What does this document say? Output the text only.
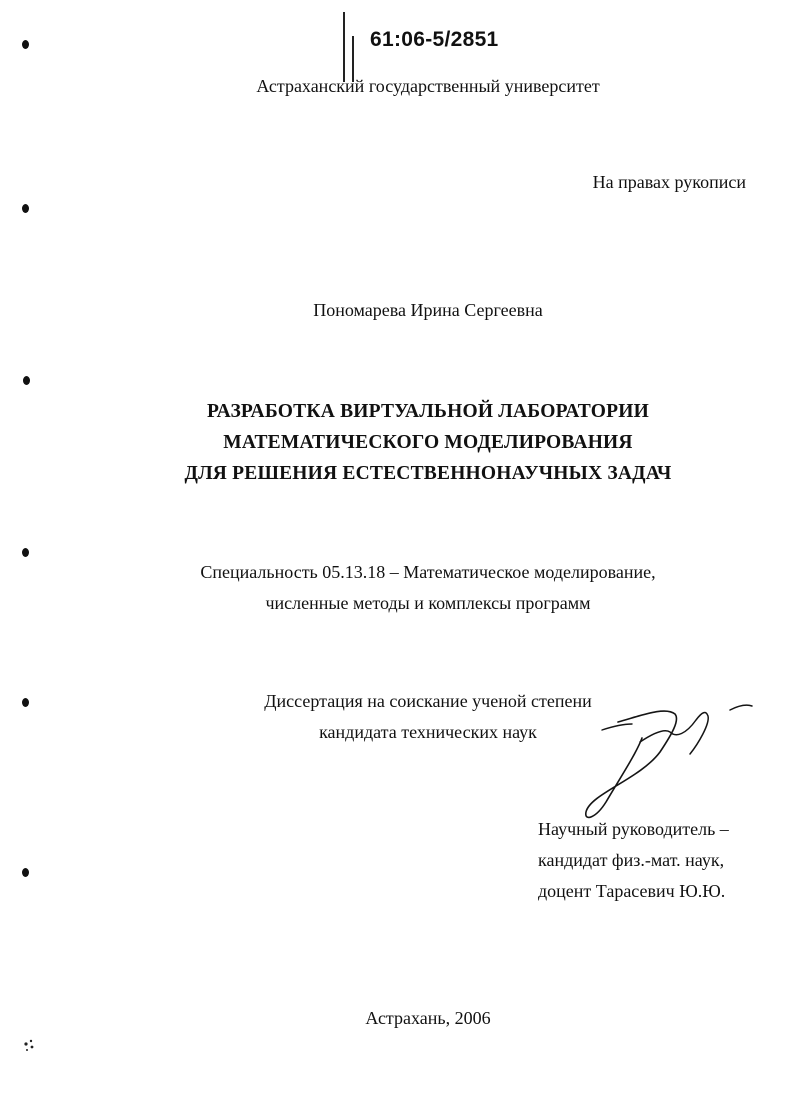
61:06-5/2851
Астраханский государственный университет
На правах рукописи
Пономарева Ирина Сергеевна
РАЗРАБОТКА ВИРТУАЛЬНОЙ ЛАБОРАТОРИИ
МАТЕМАТИЧЕСКОГО МОДЕЛИРОВАНИЯ
ДЛЯ РЕШЕНИЯ ЕСТЕСТВЕННОНАУЧНЫХ ЗАДАЧ
Специальность 05.13.18 – Математическое моделирование,
численные методы и комплексы программ
Диссертация на соискание ученой степени
кандидата технических наук
Научный руководитель –
кандидат физ.-мат. наук,
доцент Тарасевич Ю.Ю.
Астрахань, 2006
